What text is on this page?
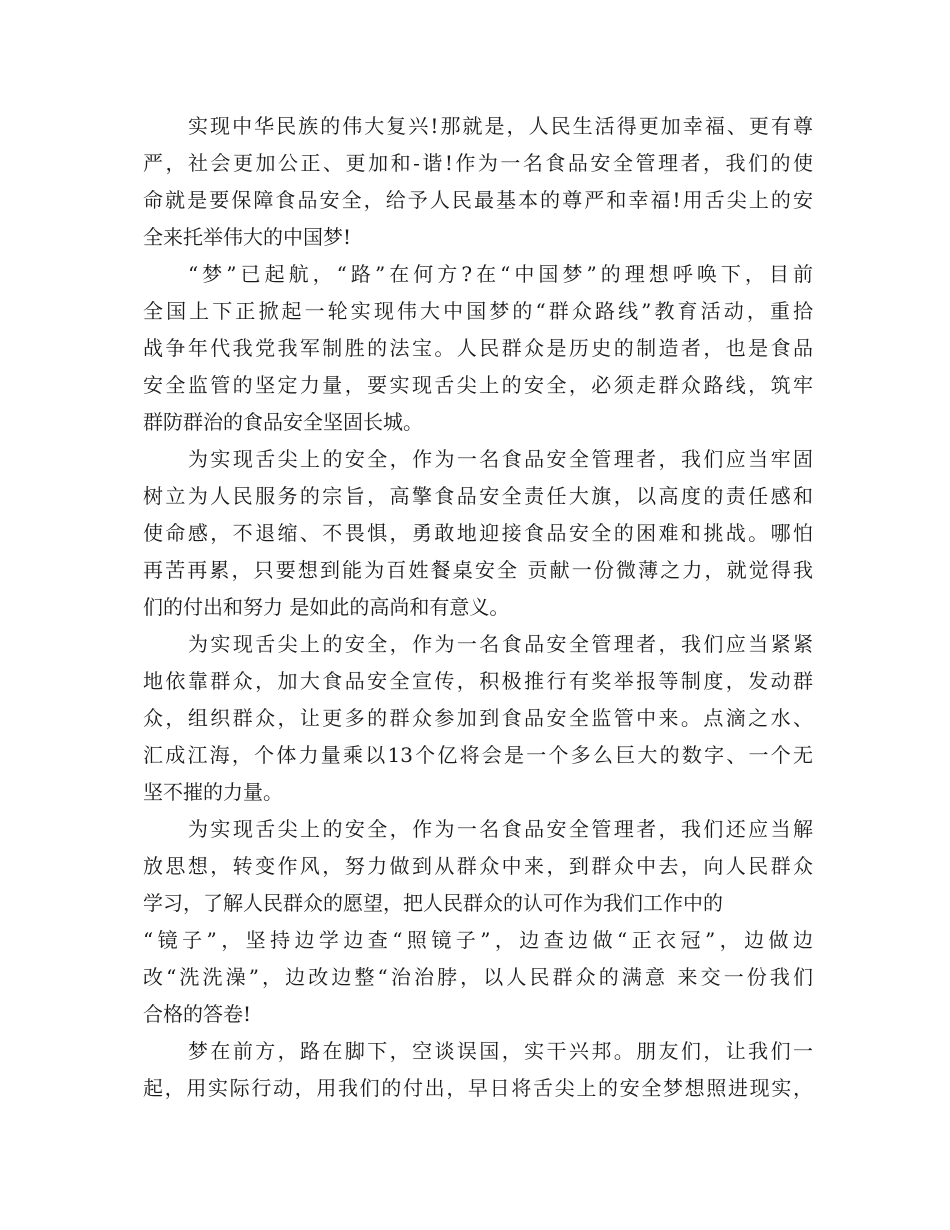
实现中华民族的伟大复兴!那就是，人民生活得更加幸福、更有尊
严，社会更加公正、更加和-谐!作为一名食品安全管理者，我们的使
命就是要保障食品安全，给予人民最基本的尊严和幸福!用舌尖上的安
全来托举伟大的中国梦!
“梦”已起航，“路”在何方?在“中国梦”的理想呼唤下，目前
全国上下正掀起一轮实现伟大中国梦的“群众路线”教育活动，重拾
战争年代我党我军制胜的法宝。人民群众是历史的制造者，也是食品
安全监管的坚定力量，要实现舌尖上的安全，必须走群众路线，筑牢
群防群治的食品安全坚固长城。
为实现舌尖上的安全，作为一名食品安全管理者，我们应当牢固
树立为人民服务的宗旨，高擎食品安全责任大旗，以高度的责任感和
使命感，不退缩、不畏惧，勇敢地迎接食品安全的困难和挑战。哪怕
再苦再累，只要想到能为百姓餐桌安全 贡献一份微薄之力，就觉得我
们的付出和努力 是如此的高尚和有意义。
为实现舌尖上的安全，作为一名食品安全管理者，我们应当紧紧
地依靠群众，加大食品安全宣传，积极推行有奖举报等制度，发动群
众，组织群众，让更多的群众参加到食品安全监管中来。点滴之水、
汇成江海，个体力量乘以13个亿将会是一个多么巨大的数字、一个无
坚不摧的力量。
为实现舌尖上的安全，作为一名食品安全管理者，我们还应当解
放思想，转变作风，努力做到从群众中来，到群众中去，向人民群众
学习，了解人民群众的愿望，把人民群众的认可作为我们工作中的
“镜子”，坚持边学边查“照镜子”，边查边做“正衣冠”，边做边
改“洗洗澡”，边改边整“治治脖，以人民群众的满意 来交一份我们
合格的答卷!
梦在前方，路在脚下，空谈误国，实干兴邦。朋友们，让我们一
起，用实际行动，用我们的付出，早日将舌尖上的安全梦想照进现实，
